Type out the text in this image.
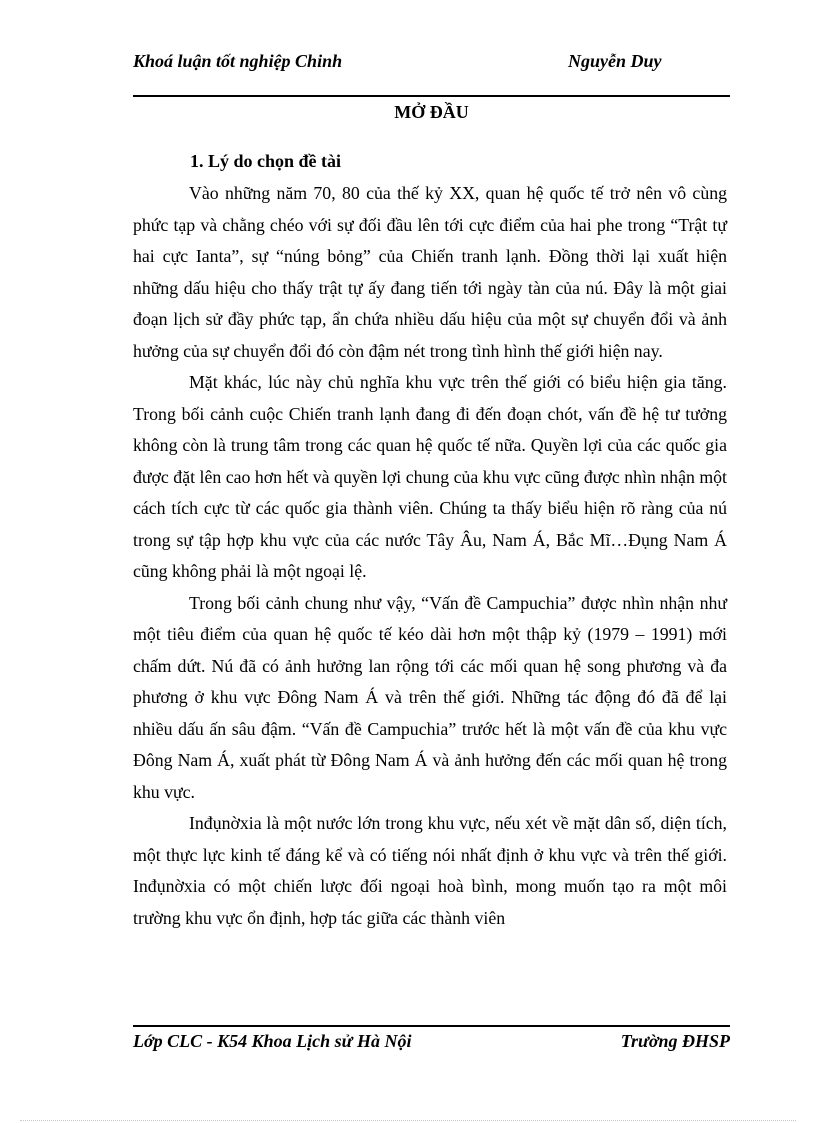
Khoá luận tốt nghiệp Chinh	Nguyễn Duy
MỞ ĐẦU
1. Lý do chọn đề tài

Vào những năm 70, 80 của thế kỷ XX, quan hệ quốc tế trở nên vô cùng phức tạp và chằng chéo với sự đối đầu lên tới cực điểm của hai phe trong “Trật tự hai cực Ianta”, sự “núng bỏng” của Chiến tranh lạnh. Đồng thời lại xuất hiện những dấu hiệu cho thấy trật tự ấy đang tiến tới ngày tàn của nú. Đây là một giai đoạn lịch sử đầy phức tạp, ẩn chứa nhiều dấu hiệu của một sự chuyển đổi và ảnh hưởng của sự chuyển đổi đó còn đậm nét trong tình hình thế giới hiện nay.

Mặt khác, lúc này chủ nghĩa khu vực trên thế giới có biểu hiện gia tăng. Trong bối cảnh cuộc Chiến tranh lạnh đang đi đến đoạn chót, vấn đề hệ tư tưởng không còn là trung tâm trong các quan hệ quốc tế nữa. Quyền lợi của các quốc gia được đặt lên cao hơn hết và quyền lợi chung của khu vực cũng được nhìn nhận một cách tích cực từ các quốc gia thành viên. Chúng ta thấy biểu hiện rõ ràng của nú trong sự tập hợp khu vực của các nước Tây Âu, Nam Á, Bắc Mĩ…Đụng Nam Á cũng không phải là một ngoại lệ.

Trong bối cảnh chung như vậy, “Vấn đề Campuchia” được nhìn nhận như một tiêu điểm của quan hệ quốc tế kéo dài hơn một thập kỷ (1979 – 1991) mới chấm dứt. Nú đã có ảnh hưởng lan rộng tới các mối quan hệ song phương và đa phương ở khu vực Đông Nam Á và trên thế giới. Những tác động đó đã để lại nhiều dấu ấn sâu đậm. “Vấn đề Campuchia” trước hết là một vấn đề của khu vực Đông Nam Á, xuất phát từ Đông Nam Á và ảnh hưởng đến các mối quan hệ trong khu vực.

Inđụnờxia là một nước lớn trong khu vực, nếu xét về mặt dân số, diện tích, một thực lực kinh tế đáng kể và có tiếng nói nhất định ở khu vực và trên thế giới. Inđụnờxia có một chiến lược đối ngoại hoà bình, mong muốn tạo ra một môi trường khu vực ổn định, hợp tác giữa các thành viên

Lớp CLC - K54 Khoa Lịch sử Hà Nội	Trường ĐHSP
